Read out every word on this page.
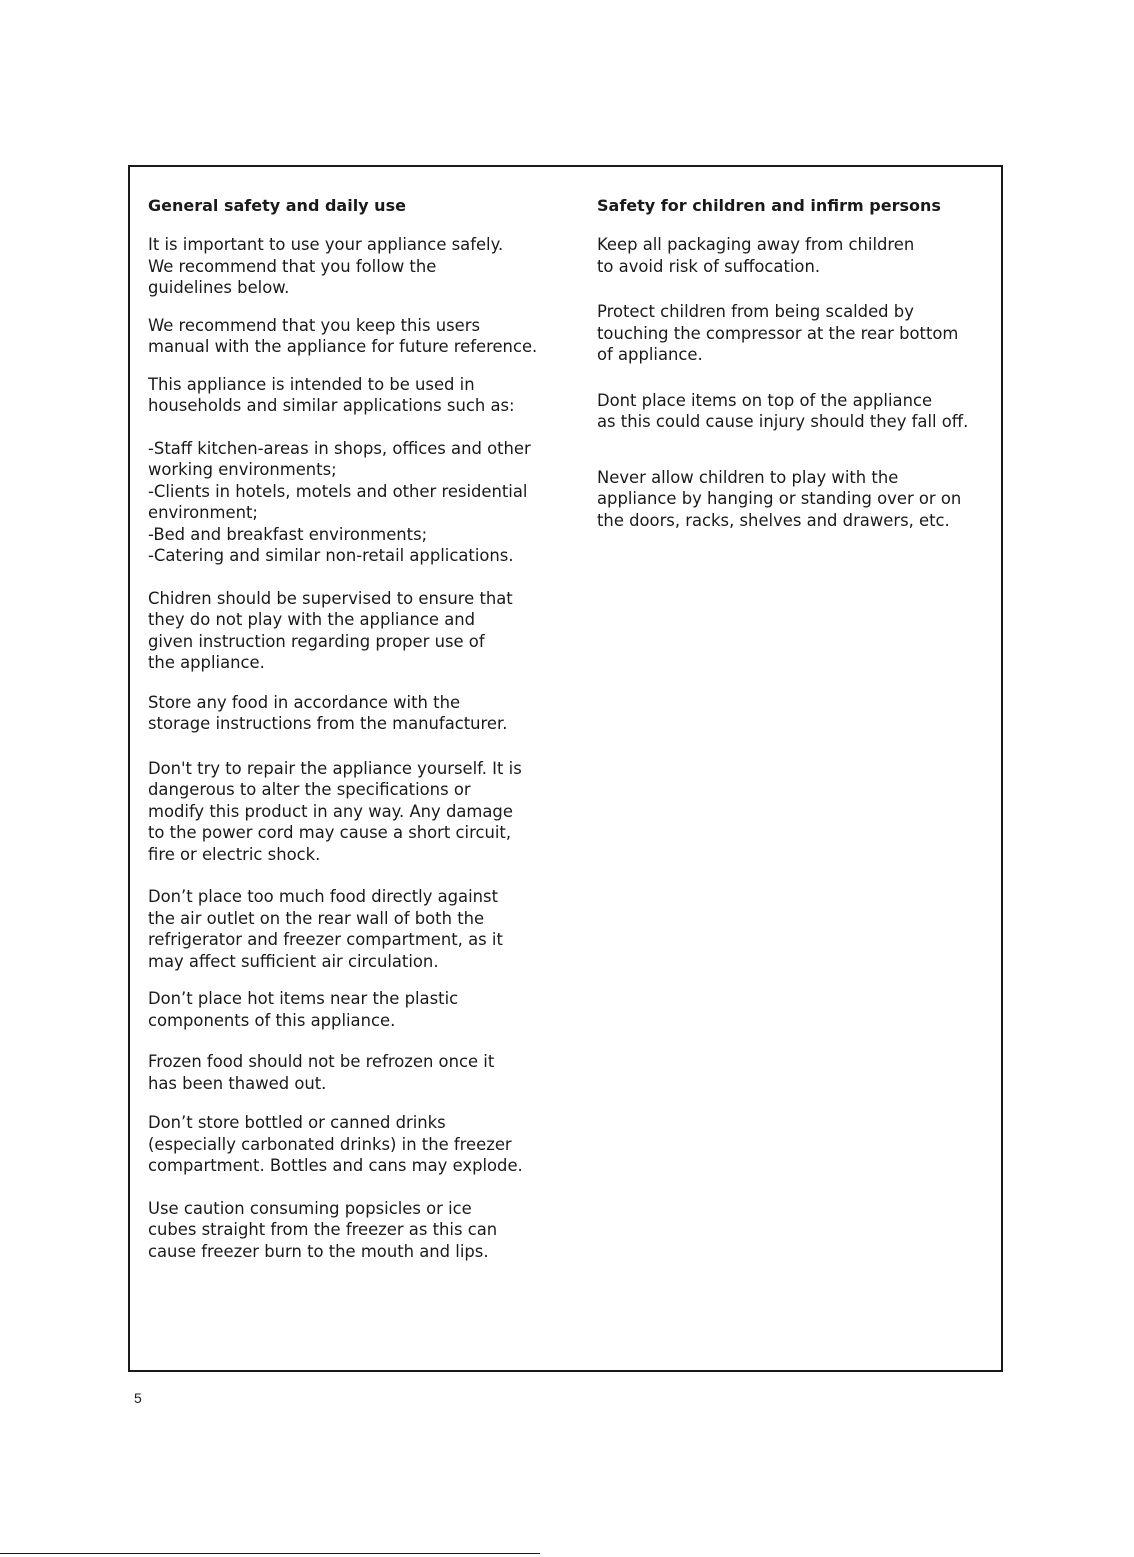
General safety and daily use

It is important to use your appliance safely.
We recommend that you follow the
guidelines below.

We recommend that you keep this users
manual with the appliance for future reference.

This appliance is intended to be used in
households and similar applications such as:

-Staff kitchen-areas in shops, offices and other
working environments;
-Clients in hotels, motels and other residential
environment;
-Bed and breakfast environments;
-Catering and similar non-retail applications.

Chidren should be supervised to ensure that
they do not play with the appliance and
given instruction regarding proper use of
the appliance.

Store any food in accordance with the
storage instructions from the manufacturer.

Don't try to repair the appliance yourself. It is
dangerous to alter the specifications or
modify this product in any way. Any damage
to the power cord may cause a short circuit,
fire or electric shock.

Don’t place too much food directly against
the air outlet on the rear wall of both the
refrigerator and freezer compartment, as it
may affect sufficient air circulation.

Don’t place hot items near the plastic
components of this appliance.

Frozen food should not be refrozen once it
has been thawed out.

Don’t store bottled or canned drinks
(especially carbonated drinks) in the freezer
compartment. Bottles and cans may explode.

Use caution consuming popsicles or ice
cubes straight from the freezer as this can
cause freezer burn to the mouth and lips.

Safety for children and infirm persons

Keep all packaging away from children
to avoid risk of suffocation.

Protect children from being scalded by
touching the compressor at the rear bottom
of appliance.

Dont place items on top of the appliance
as this could cause injury should they fall off.

Never allow children to play with the
appliance by hanging or standing over or on
the doors, racks, shelves and drawers, etc.

5
